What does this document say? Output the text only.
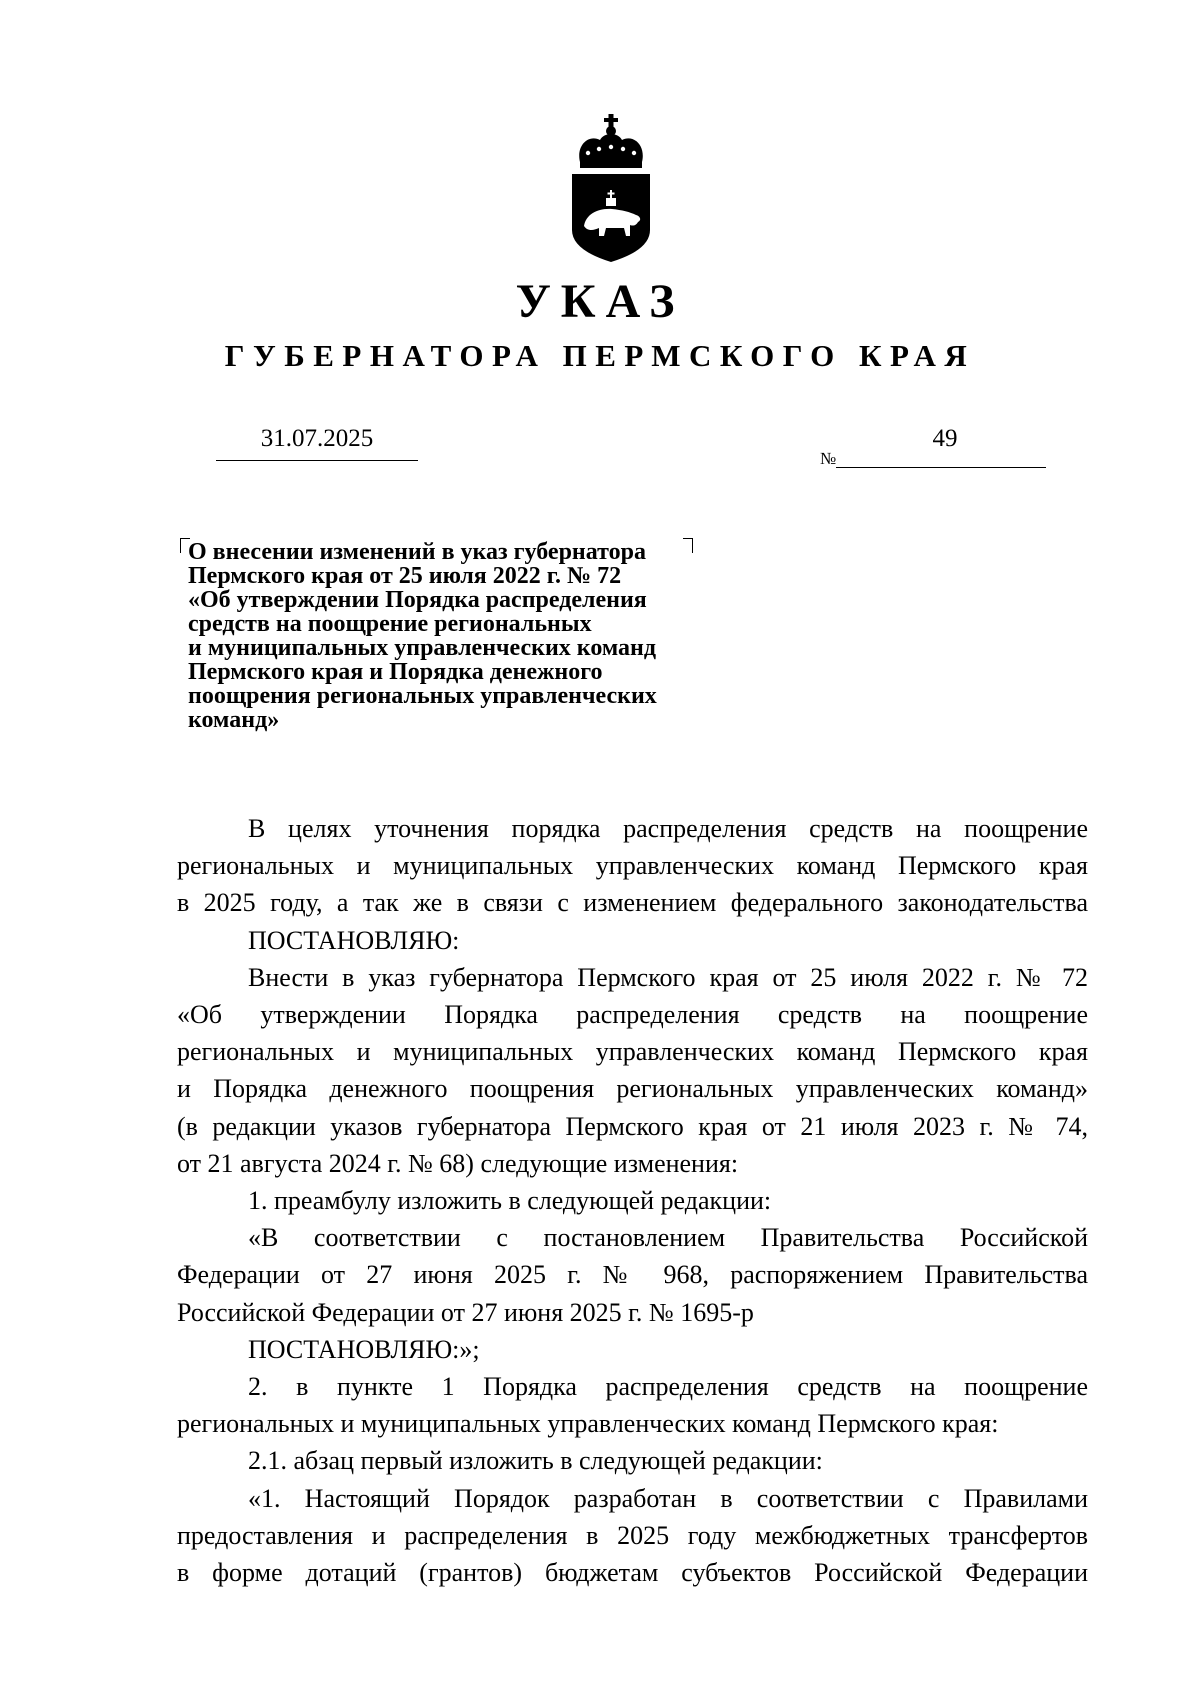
УКАЗ
ГУБЕРНАТОРА ПЕРМСКОГО КРАЯ
31.07.2025	49
№
О внесении изменений в указ губернатора
Пермского края от 25 июля 2022 г. № 72
«Об утверждении Порядка распределения
средств на поощрение региональных
и муниципальных управленческих команд
Пермского края и Порядка денежного
поощрения региональных управленческих
команд»

В целях уточнения порядка распределения средств на поощрение

региональных и муниципальных управленческих команд Пермского края

в 2025 году, а так же в связи с изменением федерального законодательства

ПОСТАНОВЛЯЮ:

Внести в указ губернатора Пермского края от 25 июля 2022 г. № 72

«Об утверждении Порядка распределения средств на поощрение

региональных и муниципальных управленческих команд Пермского края

и Порядка денежного поощрения региональных управленческих команд»

(в редакции указов губернатора Пермского края от 21 июля 2023 г. № 74,

от 21 августа 2024 г. № 68) следующие изменения:

1. преамбулу изложить в следующей редакции:

«В соответствии с постановлением Правительства Российской

Федерации от 27 июня 2025 г. № 968, распоряжением Правительства

Российской Федерации от 27 июня 2025 г. № 1695-р

ПОСТАНОВЛЯЮ:»;

2. в пункте 1 Порядка распределения средств на поощрение

региональных и муниципальных управленческих команд Пермского края:

2.1. абзац первый изложить в следующей редакции:

«1. Настоящий Порядок разработан в соответствии с Правилами

предоставления и распределения в 2025 году межбюджетных трансфертов

в форме дотаций (грантов) бюджетам субъектов Российской Федерации
